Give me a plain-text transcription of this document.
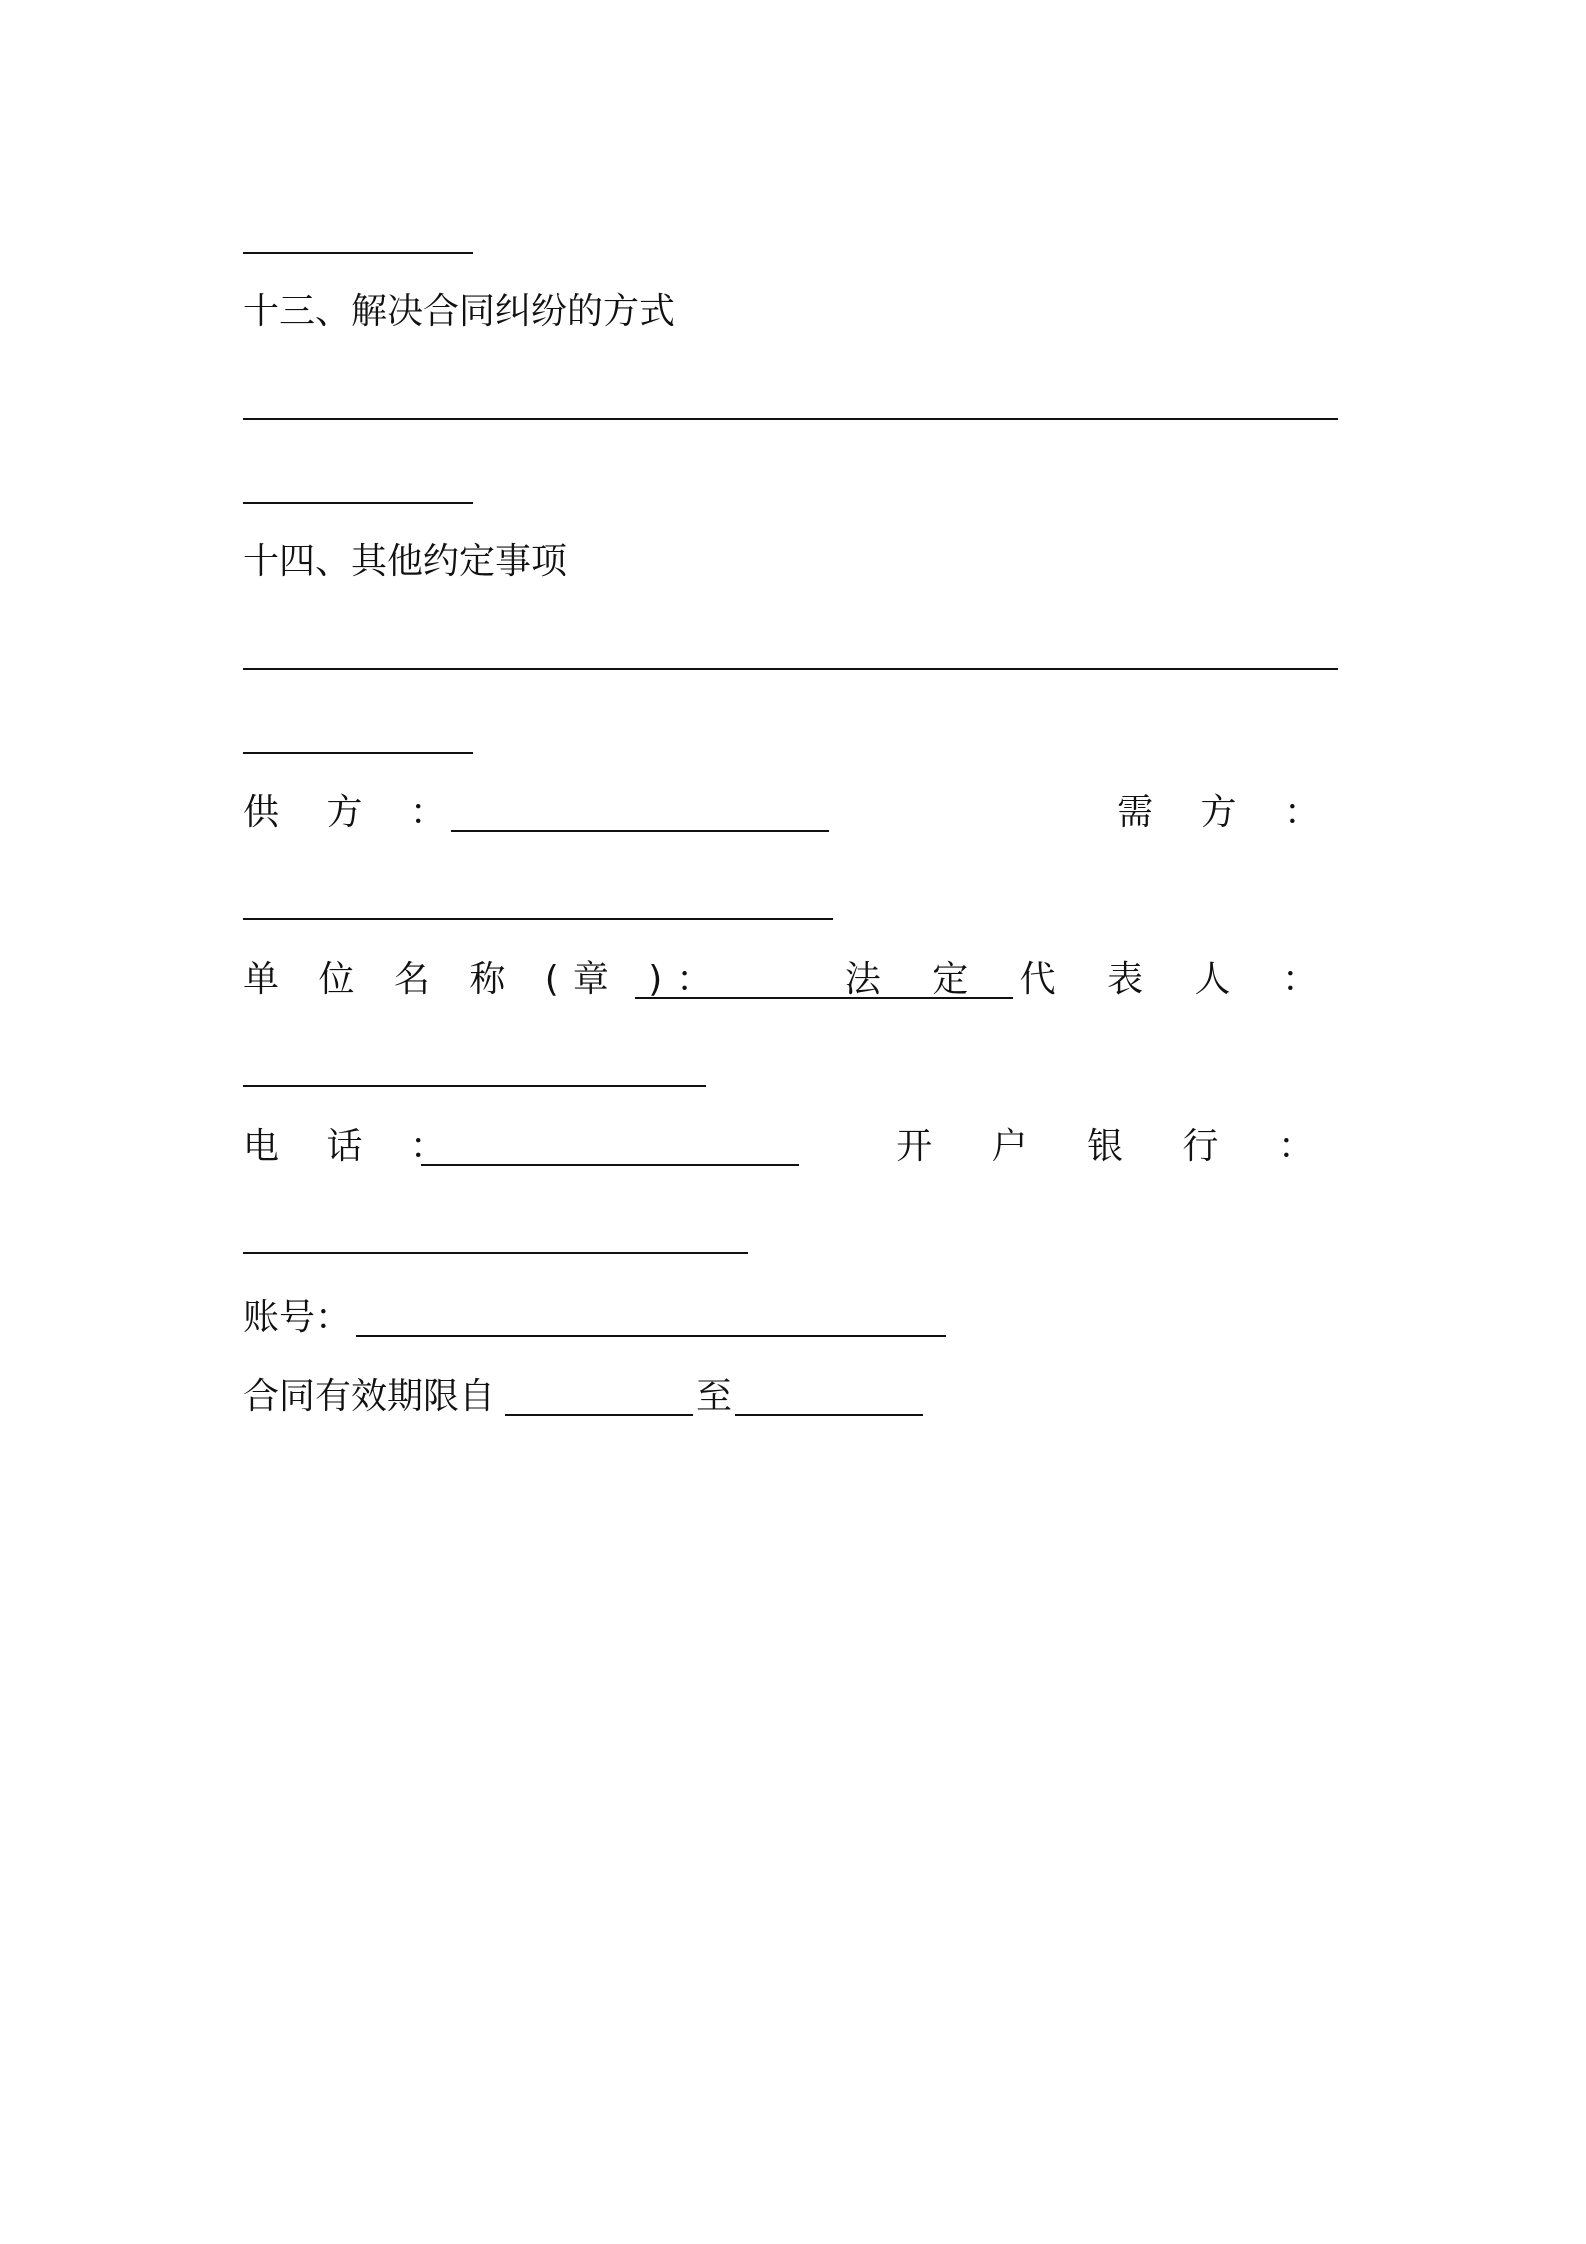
十三、解决合同纠纷的方式
十四、其他约定事项
供 方 ：	需 方 ：
单 位 名 称 (章 )：	法 定 代 表 人 ：
电 话 ：	开 户 银 行 ：
账号：
合同有效期限自	至
